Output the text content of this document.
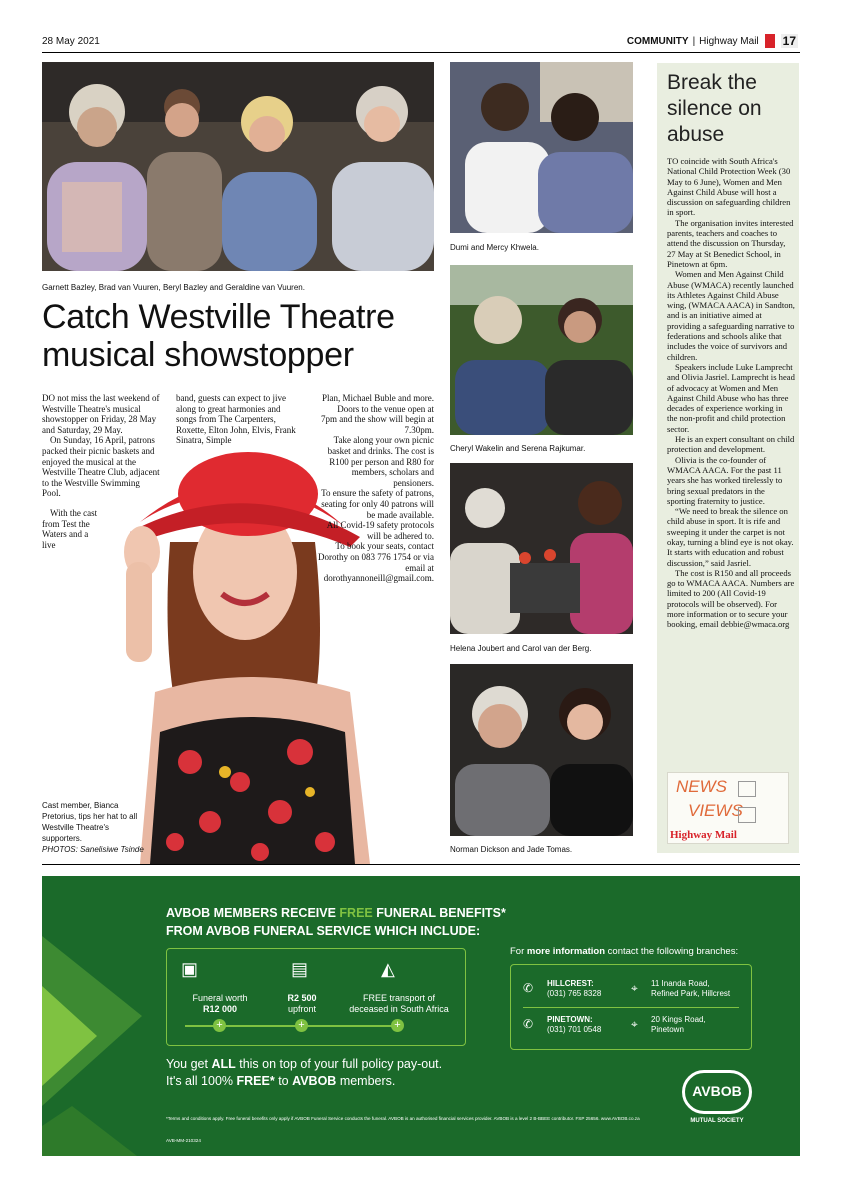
28 May 2021	COMMUNITY | Highway Mail 17
Garnett Bazley, Brad van Vuuren, Beryl Bazley and Geraldine van Vuuren.
Catch Westville Theatre musical showstopper

DO not miss the last weekend of Westville Theatre's musical showstopper on Friday, 28 May and Saturday, 29 May.

On Sunday, 16 April, patrons packed their picnic baskets and enjoyed the musical at the Westville Theatre Club, adjacent to the Westville Swimming Pool.

With the cast from Test the Waters and a live

band, guests can expect to jive along to great harmonies and songs from The Carpenters, Roxette, Elton John, Elvis, Frank Sinatra, Simple

Plan, Michael Buble and more.

Doors to the venue open at 7pm and the show will begin at 7.30pm.

Take along your own picnic basket and drinks. The cost is R100 per person and R80 for members, scholars and pensioners.

To ensure the safety of patrons, seating for only 40 patrons will be made available.

All Covid-19 safety protocols will be adhered to.

To book your seats, contact Dorothy on 083 776 1754 or via email at dorothyannoneill@gmail.com.

Cast member, Bianca Pretorius, tips her hat to all Westville Theatre's supporters.
PHOTOS: Sanelisiwe Tsinde
Dumi and Mercy Khwela.
Cheryl Wakelin and Serena Rajkumar.
Helena Joubert and Carol van der Berg.
Norman Dickson and Jade Tomas.
Break the silence on abuse

TO coincide with South Africa's National Child Protection Week (30 May to 6 June), Women and Men Against Child Abuse will host a discussion on safeguarding children in sport.

The organisation invites interested parents, teachers and coaches to attend the discussion on Thursday, 27 May at St Benedict School, in Pinetown at 6pm.

Women and Men Against Child Abuse (WMACA) recently launched its Athletes Against Child Abuse wing, (WMACA AACA) in Sandton, and is an initiative aimed at providing a safeguarding narrative to federations and schools alike that includes the voice of survivors and children.

Speakers include Luke Lamprecht and Olivia Jasriel. Lamprecht is head of advocacy at Women and Men Against Child Abuse who has three decades of experience working in the non-profit and child protection sector.

He is an expert consultant on child protection and development.

Olivia is the co-founder of WMACA AACA. For the past 11 years she has worked tirelessly to bring sexual predators in the sporting fraternity to justice.

“We need to break the silence on child abuse in sport. It is rife and sweeping it under the carpet is not okay, turning a blind eye is not okay. It starts with education and robust discussion,” said Jasriel.

The cost is R150 and all proceeds go to WMACA AACA. Numbers are limited to 200 (All Covid-19 protocols will be observed). For more information or to secure your booking, email debbie@wmaca.org

NEWS
VIEWS
Highway Mail
AVBOB MEMBERS RECEIVE FREE FUNERAL BENEFITS*
FROM AVBOB FUNERAL SERVICE WHICH INCLUDE:
▣	▤	◭
Funeral worth
R12 000
R2 500
upfront
FREE transport of
deceased in South Africa
+	+	+
For more information contact the following branches:
✆ HILLCREST:
(031) 765 8328 ⌖ 11 Inanda Road,
Refined Park, Hillcrest
✆ PINETOWN:
(031) 701 0548 ⌖ 20 Kings Road,
Pinetown
You get ALL this on top of your full policy pay-out.
It's all 100% FREE* to AVBOB members.
AVBOB
MUTUAL SOCIETY
*Terms and conditions apply. Free funeral benefits only apply if AVBOB Funeral Service conducts the funeral. AVBOB is an authorised financial services provider. AVBOB is a level 2 B-BBEE contributor. FSP 25656. www.AVBOB.co.za
AVB-MM-210324
